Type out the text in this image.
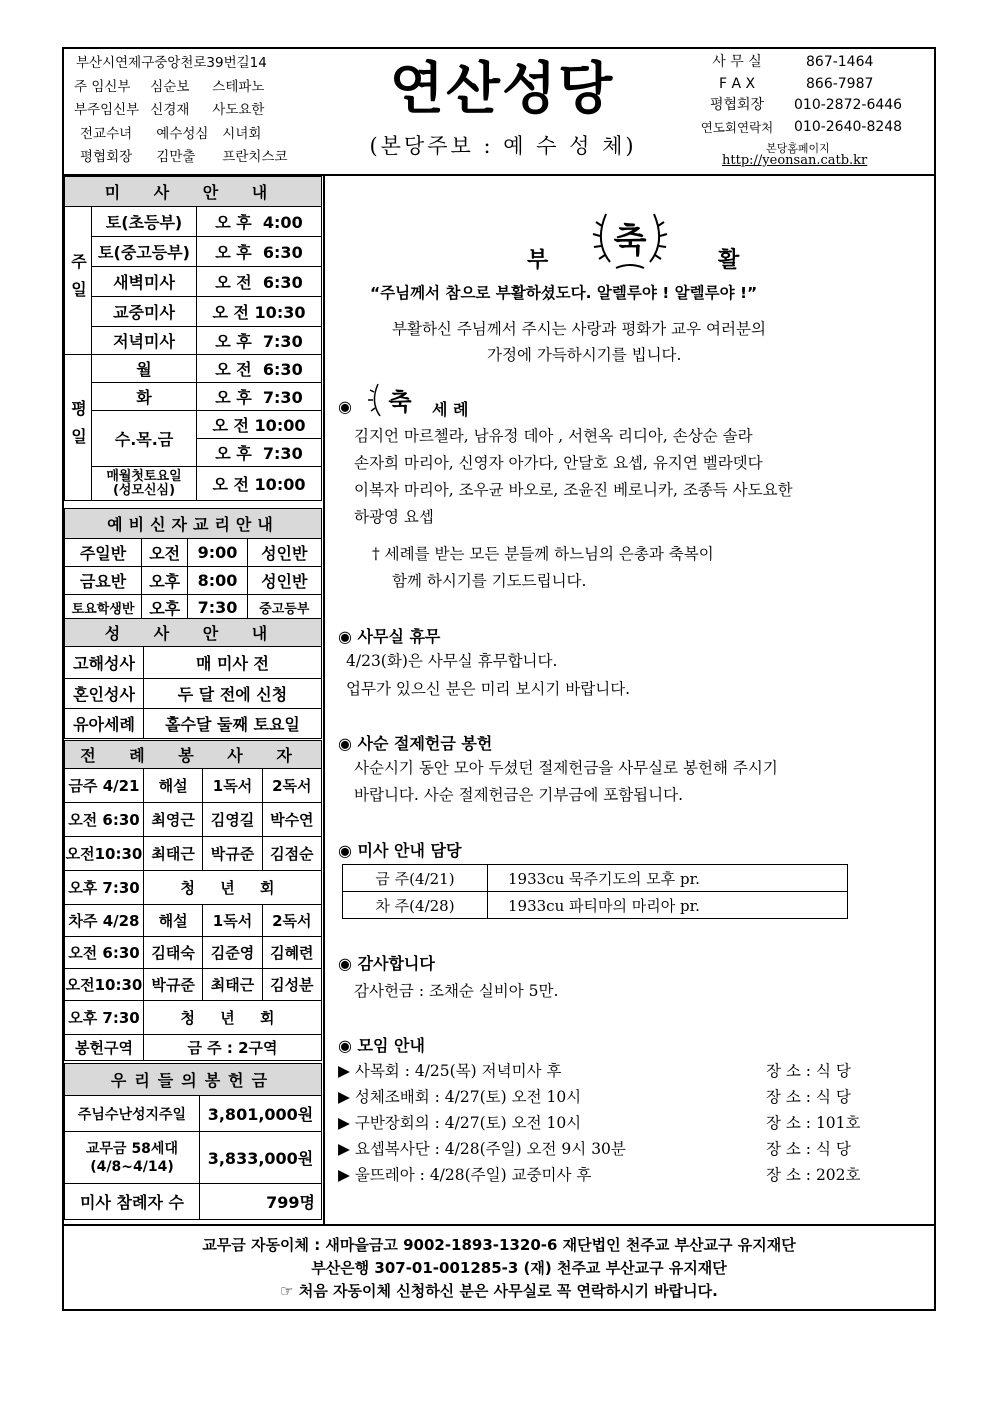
부산시연제구중앙천로39번길14
주 임신부 심순보 스테파노
부주임신부 신경재 사도요한
전교수녀 예수성심 시녀회
평협회장 김만출 프란치스코
연산성당
(본당주보 : 예 수 성 체)
사 무 실	867-1464
F A X	866-7987
평협회장	010-2872-6446
연도회연락처	010-2640-8248
본당홈페이지
http://yeonsan.catb.kr
미 사 안 내		
주일	토(초등부)	오 후  4:00
	토(중고등부)	오 후  6:30
	새벽미사	오 전  6:30
	교중미사	오 전 10:30
	저녁미사	오 후  7:30
평일	월	오 전  6:30
	화	오 후  7:30
	수.목.금	오 전 10:00
		오 후  7:30
	매월첫토요일
(성모신심)	오 전 10:00
예비신자교리안내			
주일반	오전	9:00	성인반
금요반	오후	8:00	성인반
토요학생반	오후	7:30	중고등부
성 사 안 내	
고해성사	매 미사 전
혼인성사	두 달 전에 신청
유아세례	홀수달 둘째 토요일
전 례 봉 사 자			
금주 4/21	해설	1독서	2독서
오전 6:30	최영근	김영길	박수연
오전10:30	최태근	박규준	김점순
오후 7:30	청 년 회		
차주 4/28	해설	1독서	2독서
오전 6:30	김태숙	김준영	김혜련
오전10:30	박규준	최태근	김성분
오후 7:30	청 년 회		
봉헌구역	금 주 : 2구역		
우리들의봉헌금	
주님수난성지주일	3,801,000원
교무금 58세대
(4/8~4/14)	3,833,000원
미사 참례자 수	799명
부 축	활
“주님께서 참으로 부활하셨도다. 알렐루야 ! 알렐루야 !”
부활하신 주님께서 주시는 사랑과 평화가 교우 여러분의
가정에 가득하시기를 빕니다.
◉ 축 세 례
김지언 마르첼라, 남유정 데아 , 서현옥 리디아, 손상순 솔라
손자희 마리아, 신영자 아가다, 안달호 요셉, 유지연 벨라뎃다
이복자 마리아, 조우균 바오로, 조윤진 베로니카, 조종득 사도요한
하광영 요셉
† 세례를 받는 모든 분들께 하느님의 은총과 축복이
함께 하시기를 기도드립니다.
◉ 사무실 휴무
4/23(화)은 사무실 휴무합니다.
업무가 있으신 분은 미리 보시기 바랍니다.
◉ 사순 절제헌금 봉헌
사순시기 동안 모아 두셨던 절제헌금을 사무실로 봉헌해 주시기
바랍니다. 사순 절제헌금은 기부금에 포함됩니다.
◉ 미사 안내 담당
금 주(4/21)	1933cu 묵주기도의 모후 pr.
차 주(4/28)	1933cu 파티마의 마리아 pr.
◉ 감사합니다
감사헌금 : 조채순 실비아 5만.
◉ 모임 안내
▶ 사목회 : 4/25(목) 저녁미사 후	장 소 : 식 당
▶ 성체조배회 : 4/27(토) 오전 10시	장 소 : 식 당
▶ 구반장회의 : 4/27(토) 오전 10시	장 소 : 101호
▶ 요셉복사단 : 4/28(주일) 오전 9시 30분	장 소 : 식 당
▶ 울뜨레아 : 4/28(주일) 교중미사 후	장 소 : 202호
교무금 자동이체 : 새마을금고 9002-1893-1320-6 재단법인 천주교 부산교구 유지재단
부산은행 307-01-001285-3 (재) 천주교 부산교구 유지재단
☞ 처음 자동이체 신청하신 분은 사무실로 꼭 연락하시기 바랍니다.
